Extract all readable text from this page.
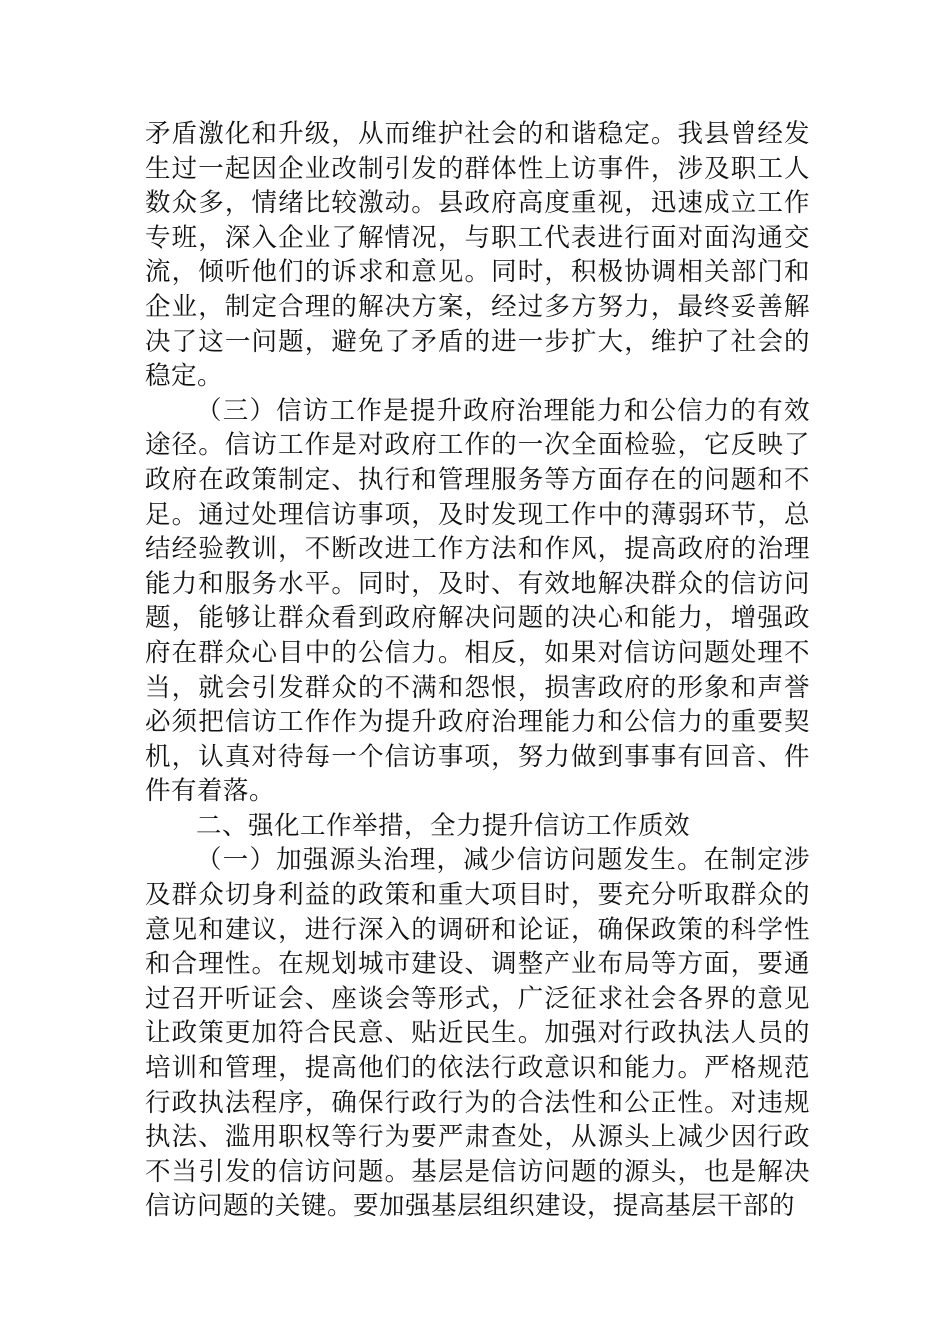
矛盾激化和升级，从而维护社会的和谐稳定。我县曾经发生过一起因企业改制引发的群体性上访事件，涉及职工人数众多，情绪比较激动。县政府高度重视，迅速成立工作专班，深入企业了解情况，与职工代表进行面对面沟通交流，倾听他们的诉求和意见。同时，积极协调相关部门和企业，制定合理的解决方案，经过多方努力，最终妥善解决了这一问题，避免了矛盾的进一步扩大，维护了社会的稳定。

（三）信访工作是提升政府治理能力和公信力的有效途径。信访工作是对政府工作的一次全面检验，它反映了政府在政策制定、执行和管理服务等方面存在的问题和不足。通过处理信访事项，及时发现工作中的薄弱环节，总结经验教训，不断改进工作方法和作风，提高政府的治理能力和服务水平。同时，及时、有效地解决群众的信访问题，能够让群众看到政府解决问题的决心和能力，增强政府在群众心目中的公信力。相反，如果对信访问题处理不当，就会引发群众的不满和怨恨，损害政府的形象和声誉必须把信访工作作为提升政府治理能力和公信力的重要契机，认真对待每一个信访事项，努力做到事事有回音、件件有着落。

二、强化工作举措，全力提升信访工作质效

（一）加强源头治理，减少信访问题发生。在制定涉及群众切身利益的政策和重大项目时，要充分听取群众的意见和建议，进行深入的调研和论证，确保政策的科学性和合理性。在规划城市建设、调整产业布局等方面，要通过召开听证会、座谈会等形式，广泛征求社会各界的意见让政策更加符合民意、贴近民生。加强对行政执法人员的培训和管理，提高他们的依法行政意识和能力。严格规范行政执法程序，确保行政行为的合法性和公正性。对违规执法、滥用职权等行为要严肃查处，从源头上减少因行政不当引发的信访问题。基层是信访问题的源头，也是解决信访问题的关键。要加强基层组织建设，提高基层干部的
